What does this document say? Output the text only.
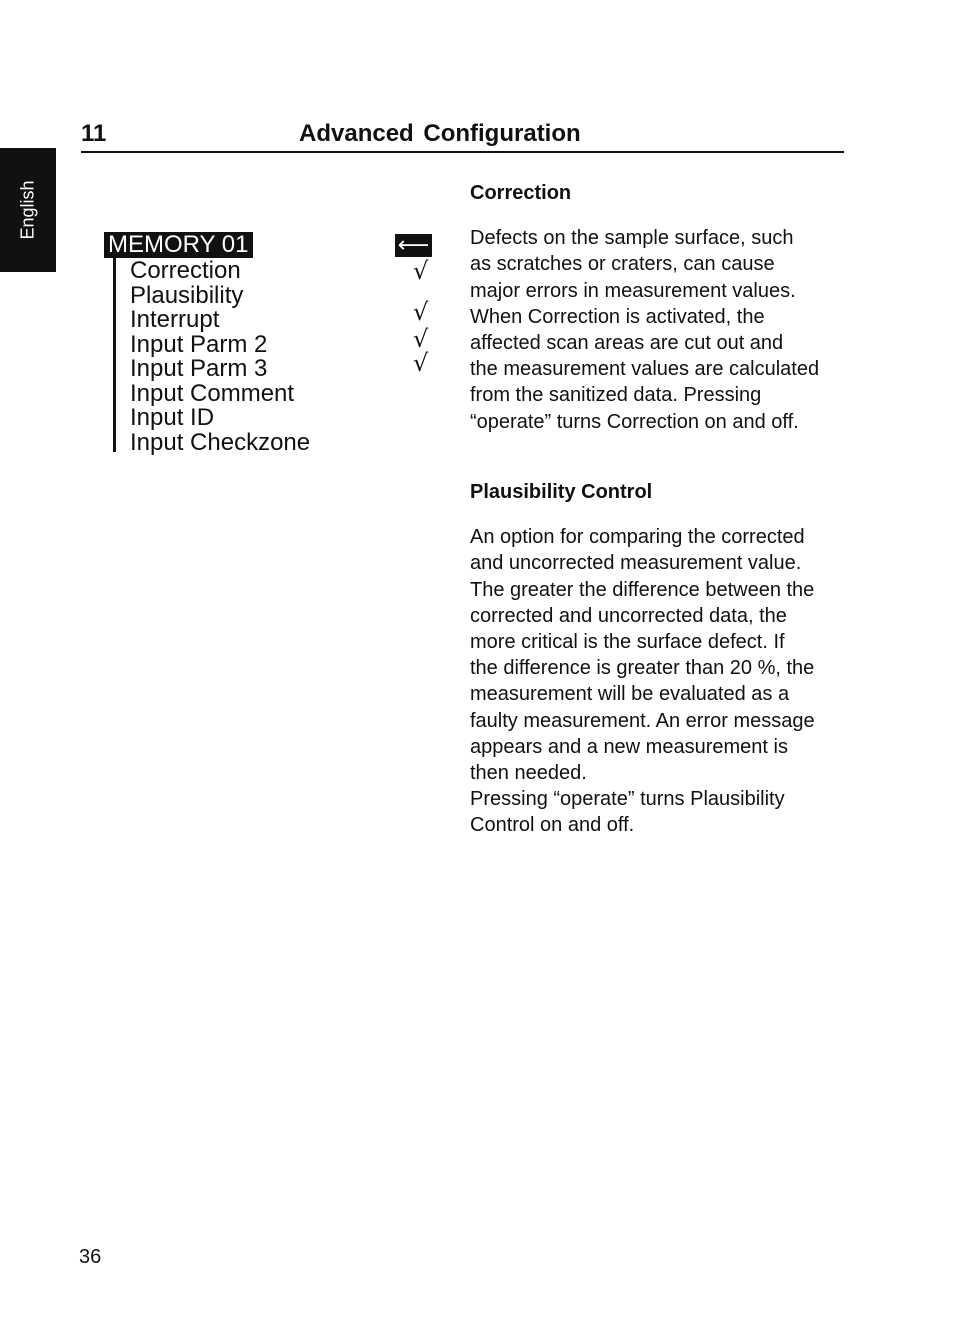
English
11	Advanced Configuration
MEMORY 01	⟵
Correction
Plausibility
Interrupt
Input Parm 2
Input Parm 3
Input Comment
Input ID
Input Checkzone
√
√
√
√
Correction
Defects on the sample surface, such
as scratches or craters, can cause
major errors in measurement values.
When Correction is activated, the
affected scan areas are cut out and
the measurement values are calculated
from the sanitized data. Pressing
“operate” turns Correction on and off.
Plausibility Control
An option for comparing the corrected
and uncorrected measurement value.
The greater the difference between the
corrected and uncorrected data, the
more critical is the surface defect. If
the difference is greater than 20 %, the
measurement will be evaluated as a
faulty measurement. An error message
appears and a new measurement is
then needed.
Pressing “operate” turns Plausibility
Control on and off.
36
